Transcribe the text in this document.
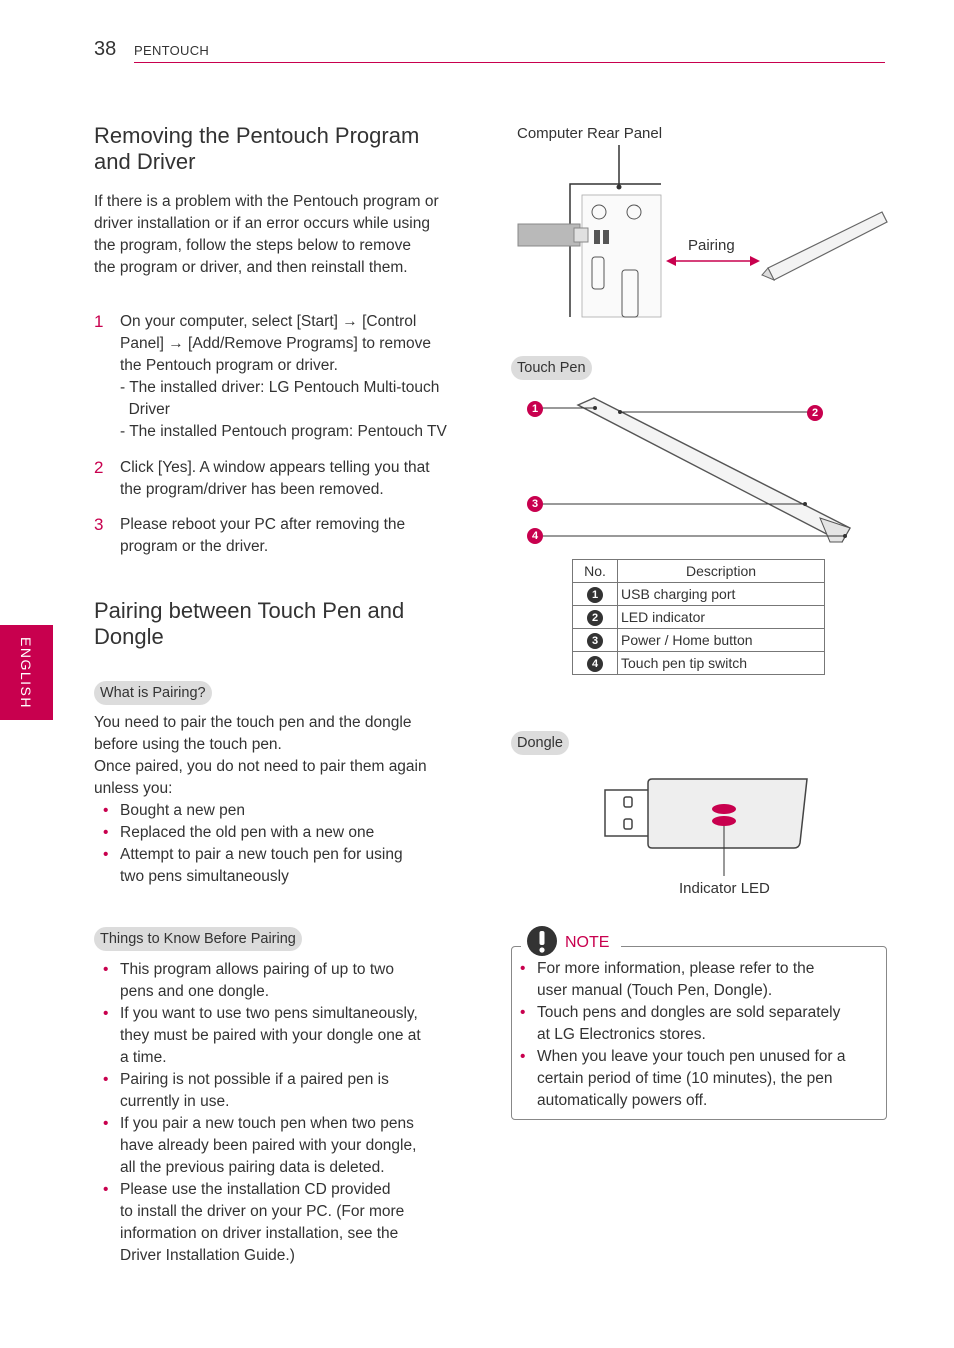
38 PENTOUCH
ENGLISH
Removing the Pentouch Program
and Driver
If there is a problem with the Pentouch program or
driver installation or if an error occurs while using
the program, follow the steps below to remove
the program or driver, and then reinstall them.
1 On your computer, select [Start] → [Control
Panel] → [Add/Remove Programs] to remove
the Pentouch program or driver.
- The installed driver: LG Pentouch Multi-touch
Driver
- The installed Pentouch program: Pentouch TV
2 Click [Yes]. A window appears telling you that
the program/driver has been removed.
3 Please reboot your PC after removing the
program or the driver.
Pairing between Touch Pen and
Dongle
What is Pairing?
You need to pair the touch pen and the dongle
before using the touch pen.
Once paired, you do not need to pair them again
unless you:
• Bought a new pen
• Replaced the old pen with a new one
• Attempt to pair a new touch pen for using
two pens simultaneously
Things to Know Before Pairing
• This program allows pairing of up to two
pens and one dongle.
• If you want to use two pens simultaneously,
they must be paired with your dongle one at
a time.
• Pairing is not possible if a paired pen is
currently in use.
• If you pair a new touch pen when two pens
have already been paired with your dongle,
all the previous pairing data is deleted.
• Please use the installation CD provided
to install the driver on your PC. (For more
information on driver installation, see the
Driver Installation Guide.)
Computer Rear Panel
Pairing
Touch Pen
1	2
3
4
No.	Description
1	USB charging port
2	LED indicator
3	Power / Home button
4	Touch pen tip switch
Dongle
Indicator LED
NOTE
• For more information, please refer to the
user manual (Touch Pen, Dongle).
• Touch pens and dongles are sold separately
at LG Electronics stores.
• When you leave your touch pen unused for a
certain period of time (10 minutes), the pen
automatically powers off.
